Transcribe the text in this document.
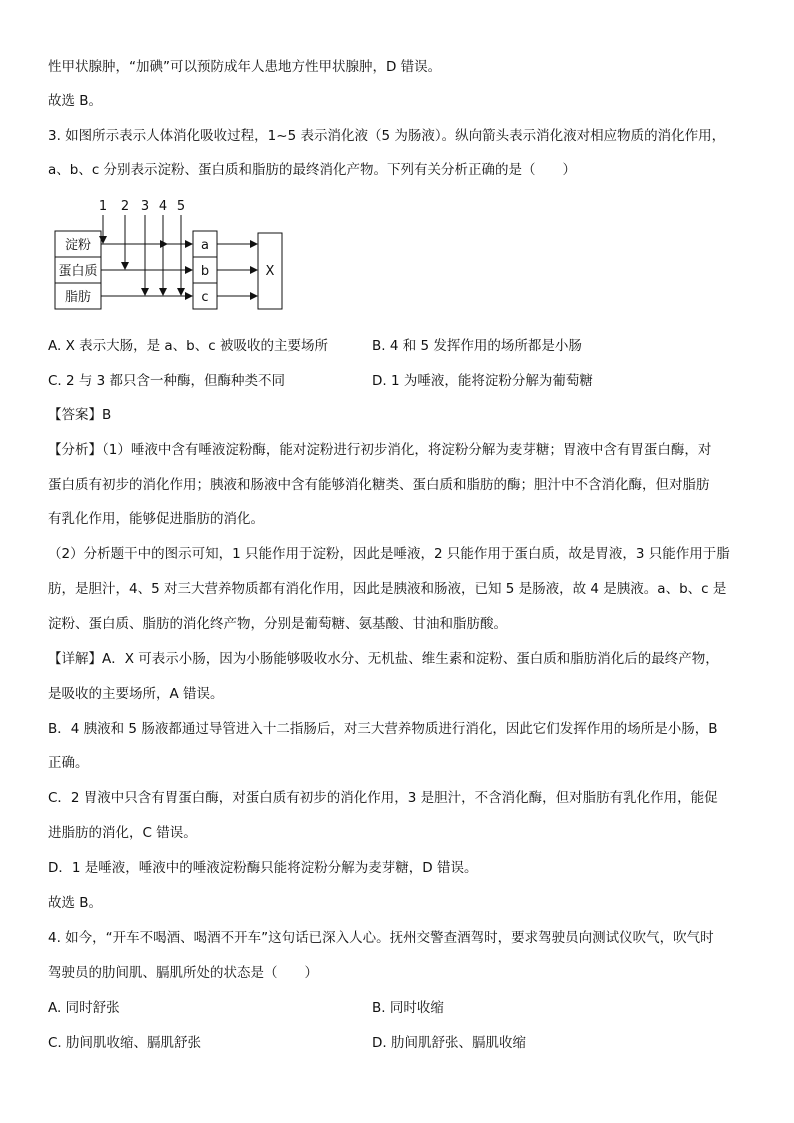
性甲状腺肿，“加碘”可以预防成年人患地方性甲状腺肿，D 错误。
故选 B。
3. 如图所示表示人体消化吸收过程，1~5 表示消化液（5 为肠液）。纵向箭头表示消化液对相应物质的消化作用，
a、b、c 分别表示淀粉、蛋白质和脂肪的最终消化产物。下列有关分析正确的是（　　）
1 2 3 4 5
淀粉
蛋白质
脂肪
a
b
c
X
A. X 表示大肠，是 a、b、c 被吸收的主要场所	B. 4 和 5 发挥作用的场所都是小肠
C. 2 与 3 都只含一种酶，但酶种类不同	D. 1 为唾液，能将淀粉分解为葡萄糖
【答案】B
【分析】（1）唾液中含有唾液淀粉酶，能对淀粉进行初步消化，将淀粉分解为麦芽糖；胃液中含有胃蛋白酶，对
蛋白质有初步的消化作用；胰液和肠液中含有能够消化糖类、蛋白质和脂肪的酶；胆汁中不含消化酶，但对脂肪
有乳化作用，能够促进脂肪的消化。
（2）分析题干中的图示可知，1 只能作用于淀粉，因此是唾液，2 只能作用于蛋白质，故是胃液，3 只能作用于脂
肪，是胆汁，4、5 对三大营养物质都有消化作用，因此是胰液和肠液，已知 5 是肠液，故 4 是胰液。a、b、c 是
淀粉、蛋白质、脂肪的消化终产物，分别是葡萄糖、氨基酸、甘油和脂肪酸。
【详解】A．X 可表示小肠，因为小肠能够吸收水分、无机盐、维生素和淀粉、蛋白质和脂肪消化后的最终产物，
是吸收的主要场所，A 错误。
B．4 胰液和 5 肠液都通过导管进入十二指肠后，对三大营养物质进行消化，因此它们发挥作用的场所是小肠，B
正确。
C．2 胃液中只含有胃蛋白酶，对蛋白质有初步的消化作用，3 是胆汁，不含消化酶，但对脂肪有乳化作用，能促
进脂肪的消化，C 错误。
D．1 是唾液，唾液中的唾液淀粉酶只能将淀粉分解为麦芽糖，D 错误。
故选 B。
4. 如今，“开车不喝酒、喝酒不开车”这句话已深入人心。抚州交警查酒驾时，要求驾驶员向测试仪吹气，吹气时
驾驶员的肋间肌、膈肌所处的状态是（　　）
A. 同时舒张	B. 同时收缩
C. 肋间肌收缩、膈肌舒张	D. 肋间肌舒张、膈肌收缩
